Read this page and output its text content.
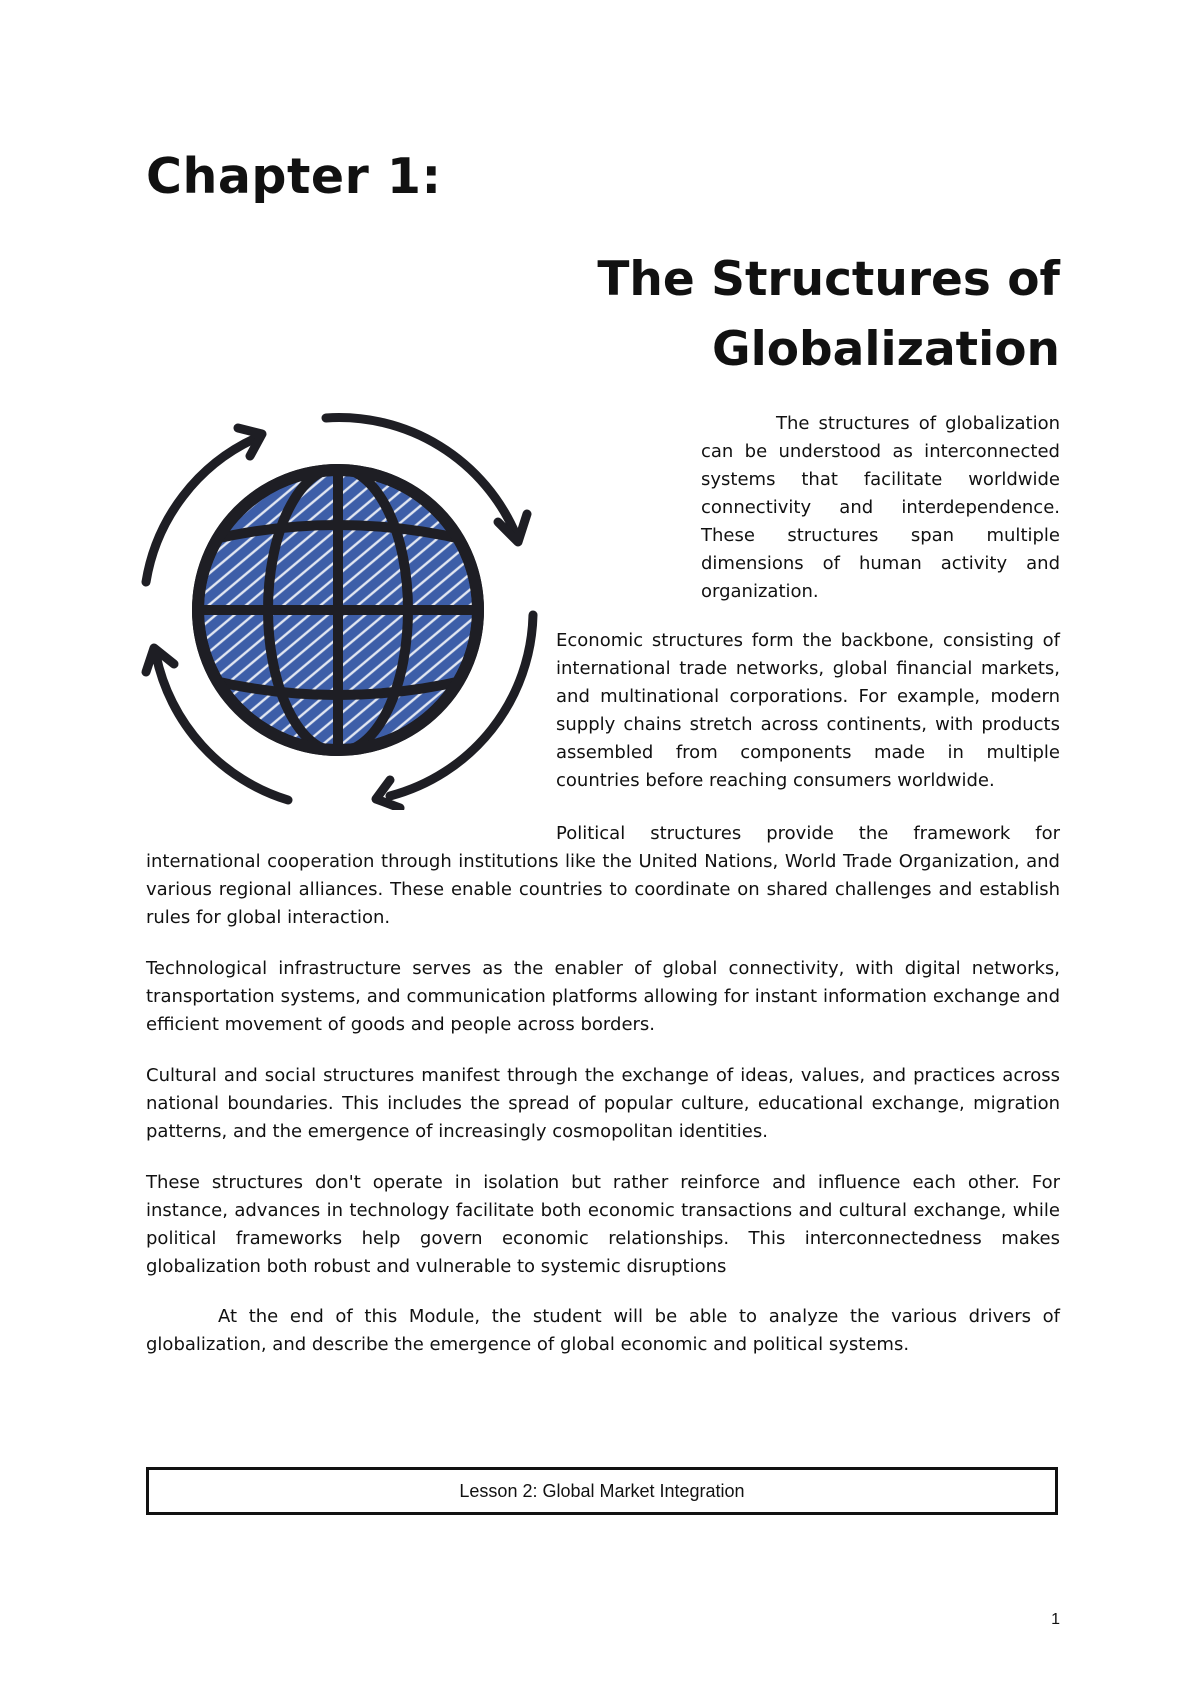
Chapter 1:
The Structures of
Globalization

The structures of globalization can be understood as interconnected systems that facilitate worldwide connectivity and interdependence. These structures span multiple dimensions of human activity and organization.

Economic structures form the backbone, consisting of international trade networks, global financial markets, and multinational corporations. For example, modern supply chains stretch across continents, with products assembled from components made in multiple countries before reaching consumers worldwide.

Political structures provide the framework for international cooperation through institutions like the United Nations, World Trade Organization, and various regional alliances. These enable countries to coordinate on shared challenges and establish rules for global interaction.

Technological infrastructure serves as the enabler of global connectivity, with digital networks, transportation systems, and communication platforms allowing for instant information exchange and efficient movement of goods and people across borders.

Cultural and social structures manifest through the exchange of ideas, values, and practices across national boundaries. This includes the spread of popular culture, educational exchange, migration patterns, and the emergence of increasingly cosmopolitan identities.

These structures don't operate in isolation but rather reinforce and influence each other. For instance, advances in technology facilitate both economic transactions and cultural exchange, while political frameworks help govern economic relationships. This interconnectedness makes globalization both robust and vulnerable to systemic disruptions

At the end of this Module, the student will be able to analyze the various drivers of globalization, and describe the emergence of global economic and political systems.

Lesson 2: Global Market Integration
1
